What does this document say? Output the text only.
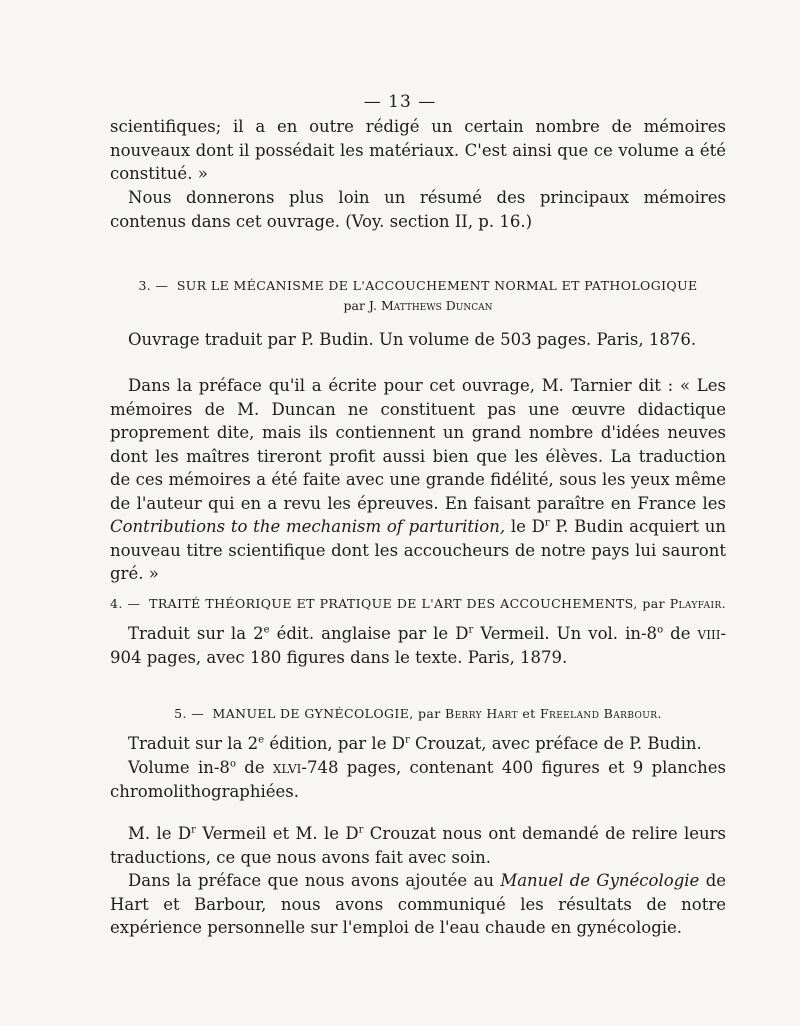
— 13 —

scientifiques; il a en outre rédigé un certain nombre de mémoires nouveaux dont il possédait les matériaux. C'est ainsi que ce volume a été constitué. »

Nous donnerons plus loin un résumé des principaux mémoires contenus dans cet ouvrage. (Voy. section II, p. 16.)

3. — SUR LE MÉCANISME DE L'ACCOUCHEMENT NORMAL ET PATHOLOGIQUE
par J. Matthews Duncan

Ouvrage traduit par P. Budin. Un volume de 503 pages. Paris, 1876.

Dans la préface qu'il a écrite pour cet ouvrage, M. Tarnier dit : « Les mémoires de M. Duncan ne constituent pas une œuvre didactique proprement dite, mais ils contiennent un grand nombre d'idées neuves dont les maîtres tireront profit aussi bien que les élèves. La traduction de ces mémoires a été faite avec une grande fidélité, sous les yeux même de l'auteur qui en a revu les épreuves. En faisant paraître en France les Contributions to the mechanism of parturition, le $D^r$ P. Budin acquiert un nouveau titre scientifique dont les accoucheurs de notre pays lui sauront gré. »

4. — TRAITÉ THÉORIQUE ET PRATIQUE DE L'ART DES ACCOUCHEMENTS, par Playfair.

Traduit sur la 2e édit. anglaise par le $D^r$ Vermeil. Un vol. in-8$^o$ de viii-904 pages, avec 180 figures dans le texte. Paris, 1879.

5. — MANUEL DE GYNÉCOLOGIE, par Berry Hart et Freeland Barbour.

Traduit sur la 2e édition, par le $D^r$ Crouzat, avec préface de P. Budin.

Volume in-8$^o$ de xlvi-748 pages, contenant 400 figures et 9 planches chromolithographiées.

M. le $D^r$ Vermeil et M. le $D^r$ Crouzat nous ont demandé de relire leurs traductions, ce que nous avons fait avec soin.

Dans la préface que nous avons ajoutée au Manuel de Gynécologie de Hart et Barbour, nous avons communiqué les résultats de notre expérience personnelle sur l'emploi de l'eau chaude en gynécologie.
